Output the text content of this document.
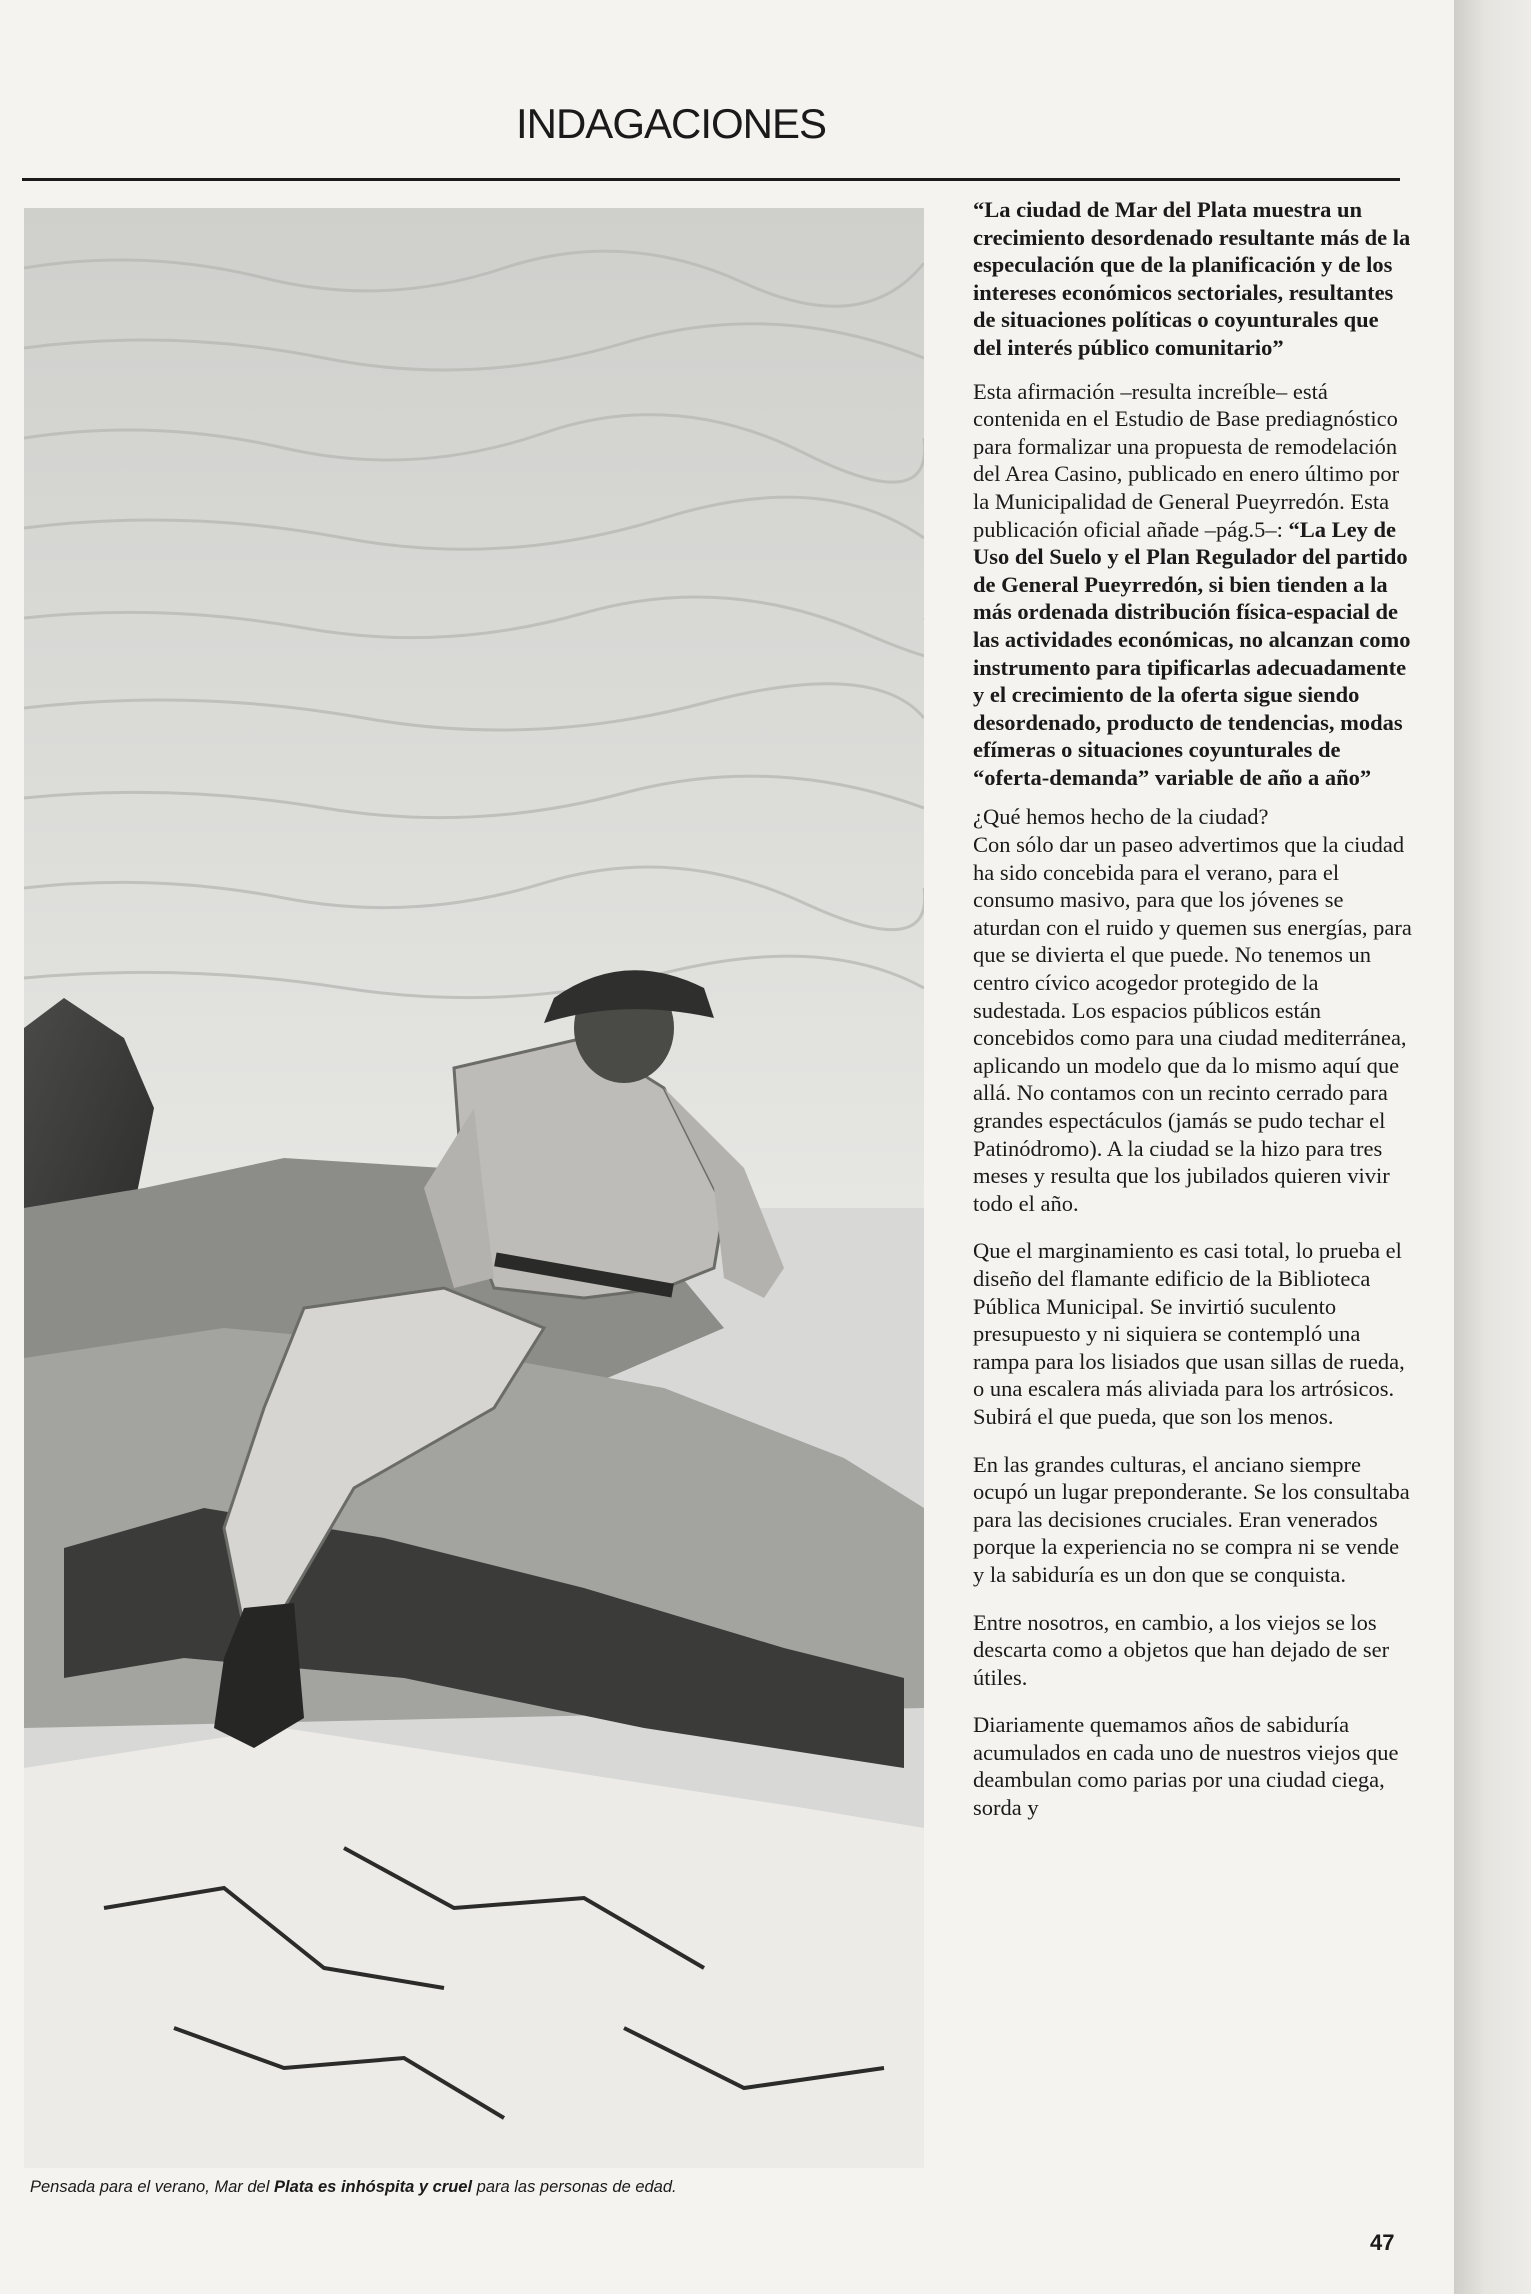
INDAGACIONES
Pensada para el verano, Mar del Plata es inhóspita y cruel para las personas de edad.

“La ciudad de Mar del Plata muestra un crecimiento desordenado resultante más de la especulación que de la planificación y de los intereses económicos sectoriales, resultantes de situaciones políticas o coyunturales que del interés público comunitario”

Esta afirmación –resulta increíble– está contenida en el Estudio de Base prediagnóstico para formalizar una propuesta de remodelación del Area Casino, publicado en enero último por la Municipalidad de General Pueyrredón. Esta publicación oficial añade –pág.5–: “La Ley de Uso del Suelo y el Plan Regulador del partido de General Pueyrredón, si bien tienden a la más ordenada distribución física-espacial de las actividades económicas, no alcanzan como instrumento para tipificarlas adecuadamente y el crecimiento de la oferta sigue siendo desordenado, producto de tendencias, modas efímeras o situaciones coyunturales de “oferta-demanda” variable de año a año”

¿Qué hemos hecho de la ciudad?

Con sólo dar un paseo advertimos que la ciudad ha sido concebida para el verano, para el consumo masivo, para que los jóvenes se aturdan con el ruido y quemen sus energías, para que se divierta el que puede. No tenemos un centro cívico acogedor protegido de la sudestada. Los espacios públicos están concebidos como para una ciudad mediterránea, aplicando un modelo que da lo mismo aquí que allá. No contamos con un recinto cerrado para grandes espectáculos (jamás se pudo techar el Patinódromo). A la ciudad se la hizo para tres meses y resulta que los jubilados quieren vivir todo el año.

Que el marginamiento es casi total, lo prueba el diseño del flamante edificio de la Biblioteca Pública Municipal. Se invirtió suculento presupuesto y ni siquiera se contempló una rampa para los lisiados que usan sillas de rueda, o una escalera más aliviada para los artrósicos. Subirá el que pueda, que son los menos.

En las grandes culturas, el anciano siempre ocupó un lugar preponderante. Se los consultaba para las decisiones cruciales. Eran venerados porque la experiencia no se compra ni se vende y la sabiduría es un don que se conquista.

Entre nosotros, en cambio, a los viejos se los descarta como a objetos que han dejado de ser útiles.

Diariamente quemamos años de sabiduría acumulados en cada uno de nuestros viejos que deambulan como parias por una ciudad ciega, sorda y

47
